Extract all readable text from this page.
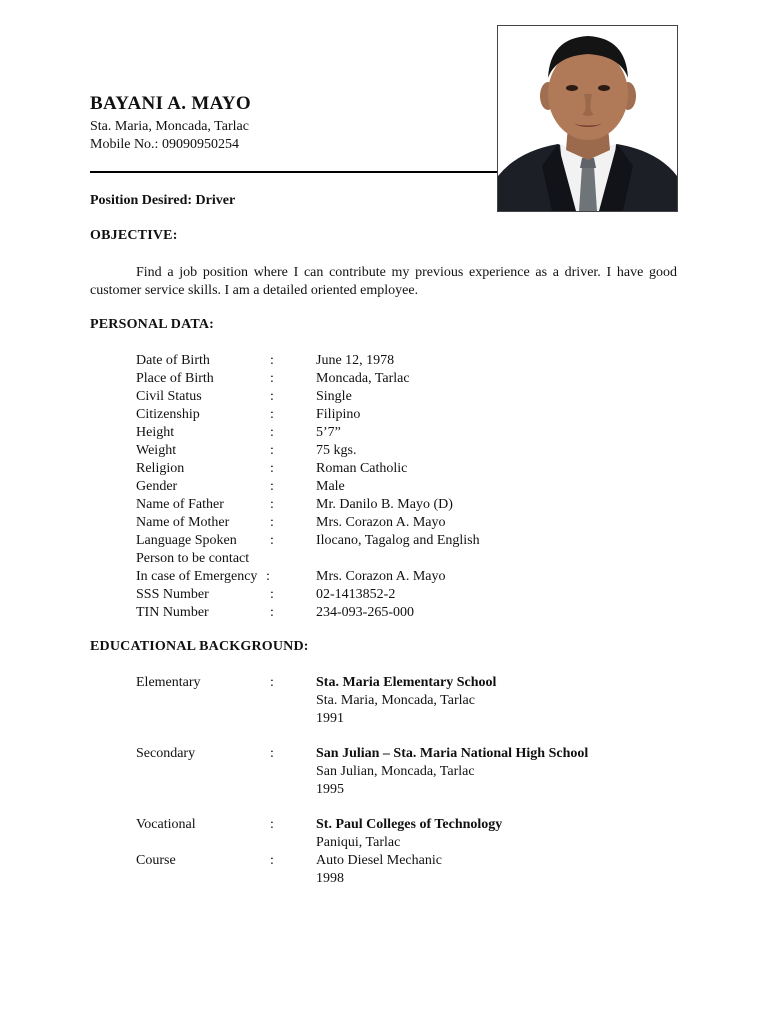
BAYANI A. MAYO
Sta. Maria, Moncada, Tarlac
Mobile No.: 09090950254
Position Desired: Driver
OBJECTIVE:
Find a job position where I can contribute my previous experience as a driver. I have good customer service skills. I am a detailed oriented employee.
PERSONAL DATA:
Date of Birth	:	June 12, 1978
Place of Birth	:	Moncada, Tarlac
Civil Status	:	Single
Citizenship	:	Filipino
Height	:	5’7”
Weight	:	75 kgs.
Religion	:	Roman Catholic
Gender	:	Male
Name of Father	:	Mr. Danilo B. Mayo (D)
Name of Mother	:	Mrs. Corazon A. Mayo
Language Spoken :	Ilocano, Tagalog and English
Person to be contact
In case of Emergency :	Mrs. Corazon A. Mayo
SSS Number	:	02-1413852-2
TIN Number	:	234-093-265-000
EDUCATIONAL BACKGROUND:
Elementary	:	Sta. Maria Elementary School
Sta. Maria, Moncada, Tarlac
1991
Secondary	:	San Julian – Sta. Maria National High School
San Julian, Moncada, Tarlac
1995
Vocational	:	St. Paul Colleges of Technology
Paniqui, Tarlac
Course	:	Auto Diesel Mechanic
1998
